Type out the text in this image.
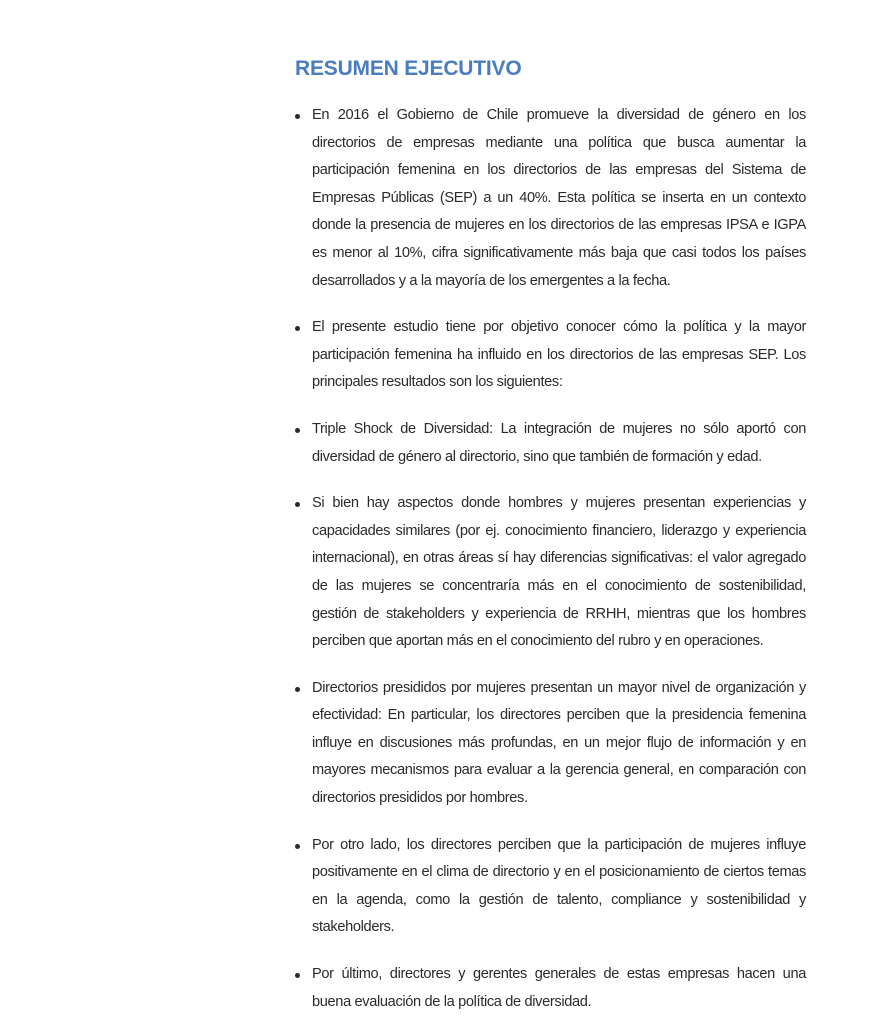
RESUMEN EJECUTIVO
En 2016 el Gobierno de Chile promueve la diversidad de género en los directorios de empresas mediante una política que busca aumentar la participación femenina en los directorios de las empresas del Sistema de Empresas Públicas (SEP) a un 40%. Esta política se inserta en un contexto donde la presencia de mujeres en los directorios de las empresas IPSA e IGPA es menor al 10%, cifra significativamente más baja que casi todos los países desarrollados y a la mayoría de los emergentes a la fecha.
El presente estudio tiene por objetivo conocer cómo la política y la mayor participación femenina ha influido en los directorios de las empresas SEP. Los principales resultados son los siguientes:
Triple Shock de Diversidad: La integración de mujeres no sólo aportó con diversidad de género al directorio, sino que también de formación y edad.
Si bien hay aspectos donde hombres y mujeres presentan experiencias y capacidades similares (por ej. conocimiento financiero, liderazgo y experiencia internacional), en otras áreas sí hay diferencias significativas: el valor agregado de las mujeres se concentraría más en el conocimiento de sostenibilidad, gestión de stakeholders y experiencia de RRHH, mientras que los hombres perciben que aportan más en el conocimiento del rubro y en operaciones.
Directorios presididos por mujeres presentan un mayor nivel de organización y efectividad: En particular, los directores perciben que la presidencia femenina influye en discusiones más profundas, en un mejor flujo de información y en mayores mecanismos para evaluar a la gerencia general, en comparación con directorios presididos por hombres.
Por otro lado, los directores perciben que la participación de mujeres influye positivamente en el clima de directorio y en el posicionamiento de ciertos temas en la agenda, como la gestión de talento, compliance y sostenibilidad y stakeholders.
Por último, directores y gerentes generales de estas empresas hacen una buena evaluación de la política de diversidad.
